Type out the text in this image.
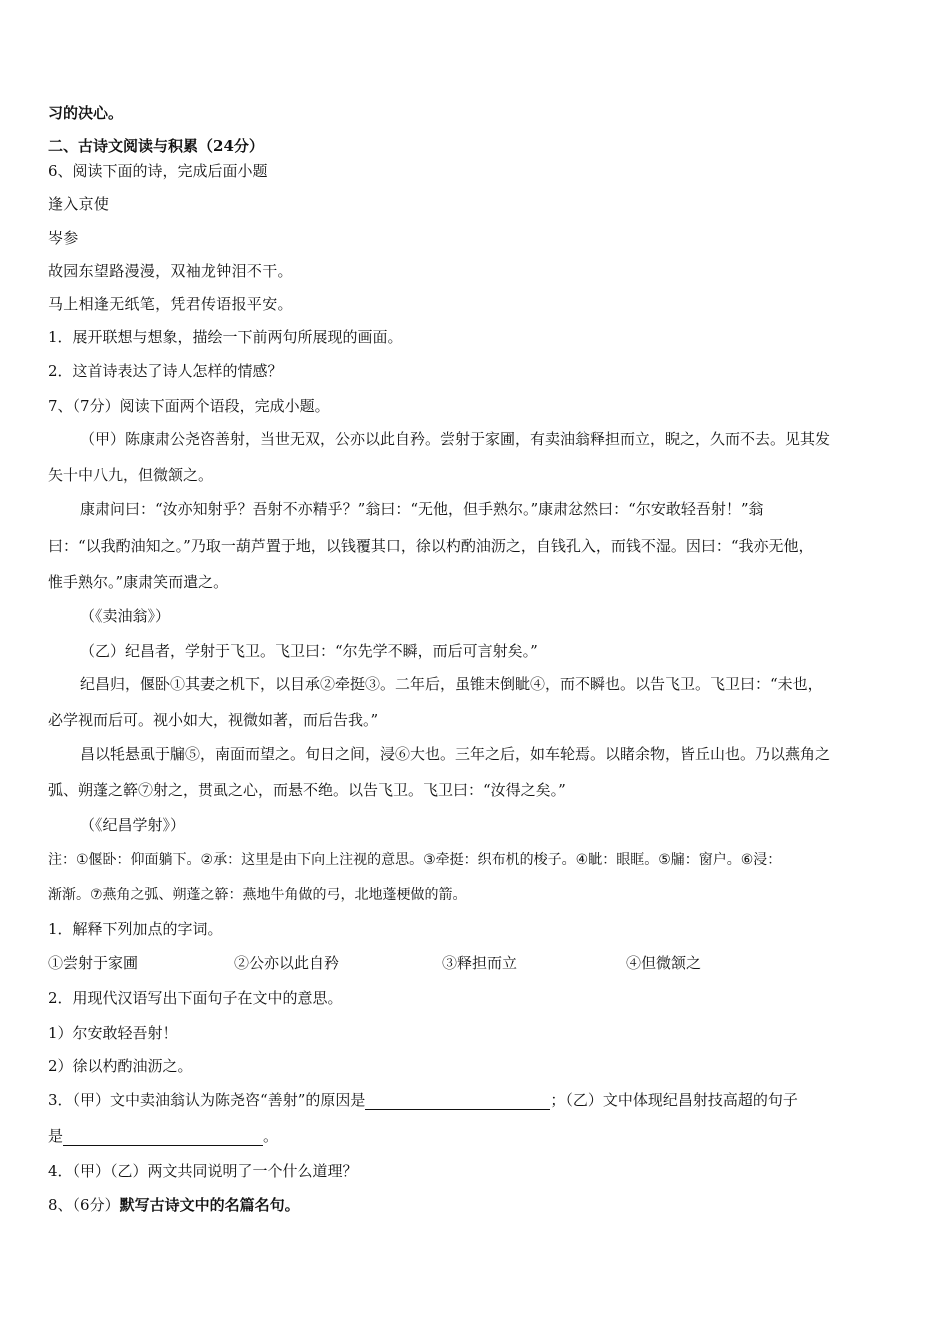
习的决心。
二、古诗文阅读与积累（24分）
6、阅读下面的诗，完成后面小题
逢入京使
岑参
故园东望路漫漫，双袖龙钟泪不干。
马上相逢无纸笔，凭君传语报平安。
1．展开联想与想象，描绘一下前两句所展现的画面。
2．这首诗表达了诗人怎样的情感？
7、（7分）阅读下面两个语段，完成小题。
（甲）陈康肃公尧咨善射，当世无双，公亦以此自矜。尝射于家圃，有卖油翁释担而立，睨之，久而不去。见其发
矢十中八九，但微颔之。
康肃问曰：“汝亦知射乎？吾射不亦精乎？”翁曰：“无他，但手熟尔。”康肃忿然曰：“尔安敢轻吾射！”翁
曰：“以我酌油知之。”乃取一葫芦置于地，以钱覆其口，徐以杓酌油沥之，自钱孔入，而钱不湿。因曰：“我亦无他，
惟手熟尔。”康肃笑而遣之。
（《卖油翁》）
（乙）纪昌者，学射于飞卫。飞卫曰：“尔先学不瞬，而后可言射矣。”
纪昌归，偃卧①其妻之机下，以目承②牵挺③。二年后，虽锥末倒眦④，而不瞬也。以告飞卫。飞卫曰：“未也，
必学视而后可。视小如大，视微如著，而后告我。”
昌以牦悬虱于牖⑤，南面而望之。旬日之间，浸⑥大也。三年之后，如车轮焉。以睹余物，皆丘山也。乃以燕角之
弧、朔蓬之簳⑦射之，贯虱之心，而悬不绝。以告飞卫。飞卫曰：“汝得之矣。”
（《纪昌学射》）
注：①偃卧：仰面躺下。②承：这里是由下向上注视的意思。③牵挺：织布机的梭子。④眦：眼眶。⑤牖：窗户。⑥浸：
渐渐。⑦燕角之弧、朔蓬之簳：燕地牛角做的弓，北地蓬梗做的箭。
1．解释下列加点的字词。
①尝射于家圃	②公亦以此自矜	③释担而立	④但微颔之
2．用现代汉语写出下面句子在文中的意思。
1）尔安敢轻吾射！
2）徐以杓酌油沥之。
3．（甲）文中卖油翁认为陈尧咨“善射”的原因是	；（乙）文中体现纪昌射技高超的句子
是	。
4．（甲）（乙）两文共同说明了一个什么道理？
8、（6分）默写古诗文中的名篇名句。
